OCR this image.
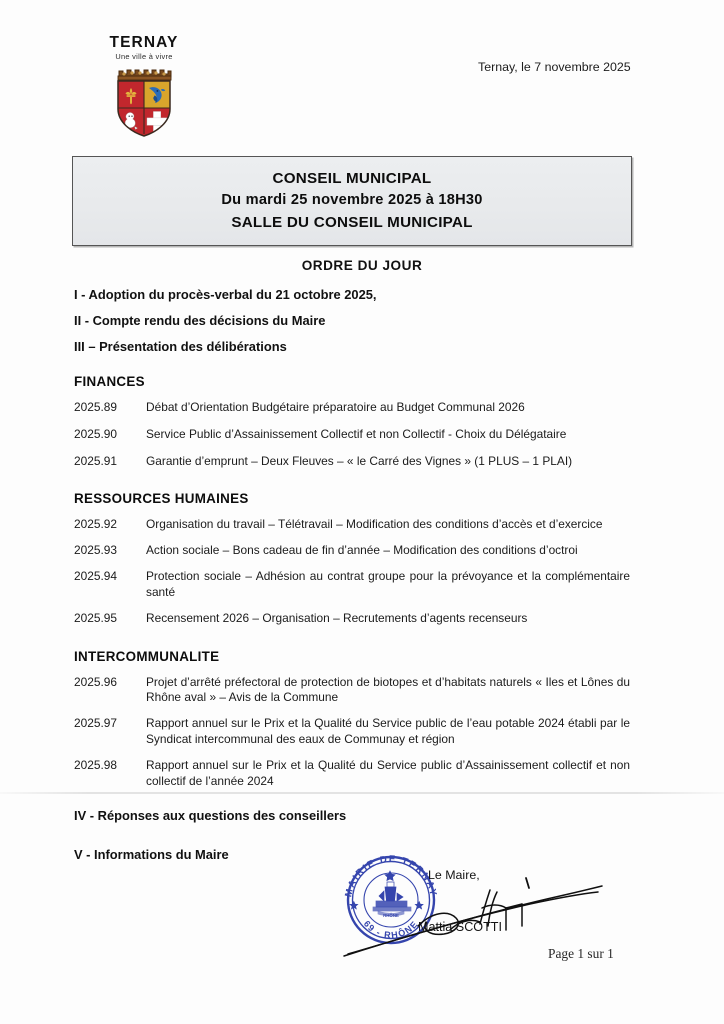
TERNAY
Une ville à vivre
Ternay, le 7 novembre 2025
CONSEIL MUNICIPAL
Du mardi 25 novembre 2025 à 18H30
SALLE DU CONSEIL MUNICIPAL
ORDRE DU JOUR
I - Adoption du procès-verbal du 21 octobre 2025,
II - Compte rendu des décisions du Maire
III – Présentation des délibérations
FINANCES
2025.89	Débat d’Orientation Budgétaire préparatoire au Budget Communal 2026
2025.90	Service Public d’Assainissement Collectif et non Collectif - Choix du Délégataire
2025.91	Garantie d’emprunt – Deux Fleuves – « le Carré des Vignes » (1 PLUS – 1 PLAI)
RESSOURCES HUMAINES
2025.92	Organisation du travail – Télétravail – Modification des conditions d’accès et d’exercice
2025.93	Action sociale – Bons cadeau de fin d’année – Modification des conditions d’octroi
2025.94	Protection sociale – Adhésion au contrat groupe pour la prévoyance et la complémentaire santé
2025.95	Recensement 2026 – Organisation – Recrutements d’agents recenseurs
INTERCOMMUNALITE
2025.96	Projet d’arrêté préfectoral de protection de biotopes et d’habitats naturels « Iles et Lônes du Rhône aval » – Avis de la Commune
2025.97	Rapport annuel sur le Prix et la Qualité du Service public de l’eau potable 2024 établi par le Syndicat intercommunal des eaux de Communay et région
2025.98	Rapport annuel sur le Prix et la Qualité du Service public d’Assainissement collectif et non collectif de l’année 2024
IV - Réponses aux questions des conseillers
V - Informations du Maire
MAIRIE DE TERNAY
69 - RHÔNE
RHÔNE
Le Maire,
Mattia SCOTTI
Page 1 sur 1
